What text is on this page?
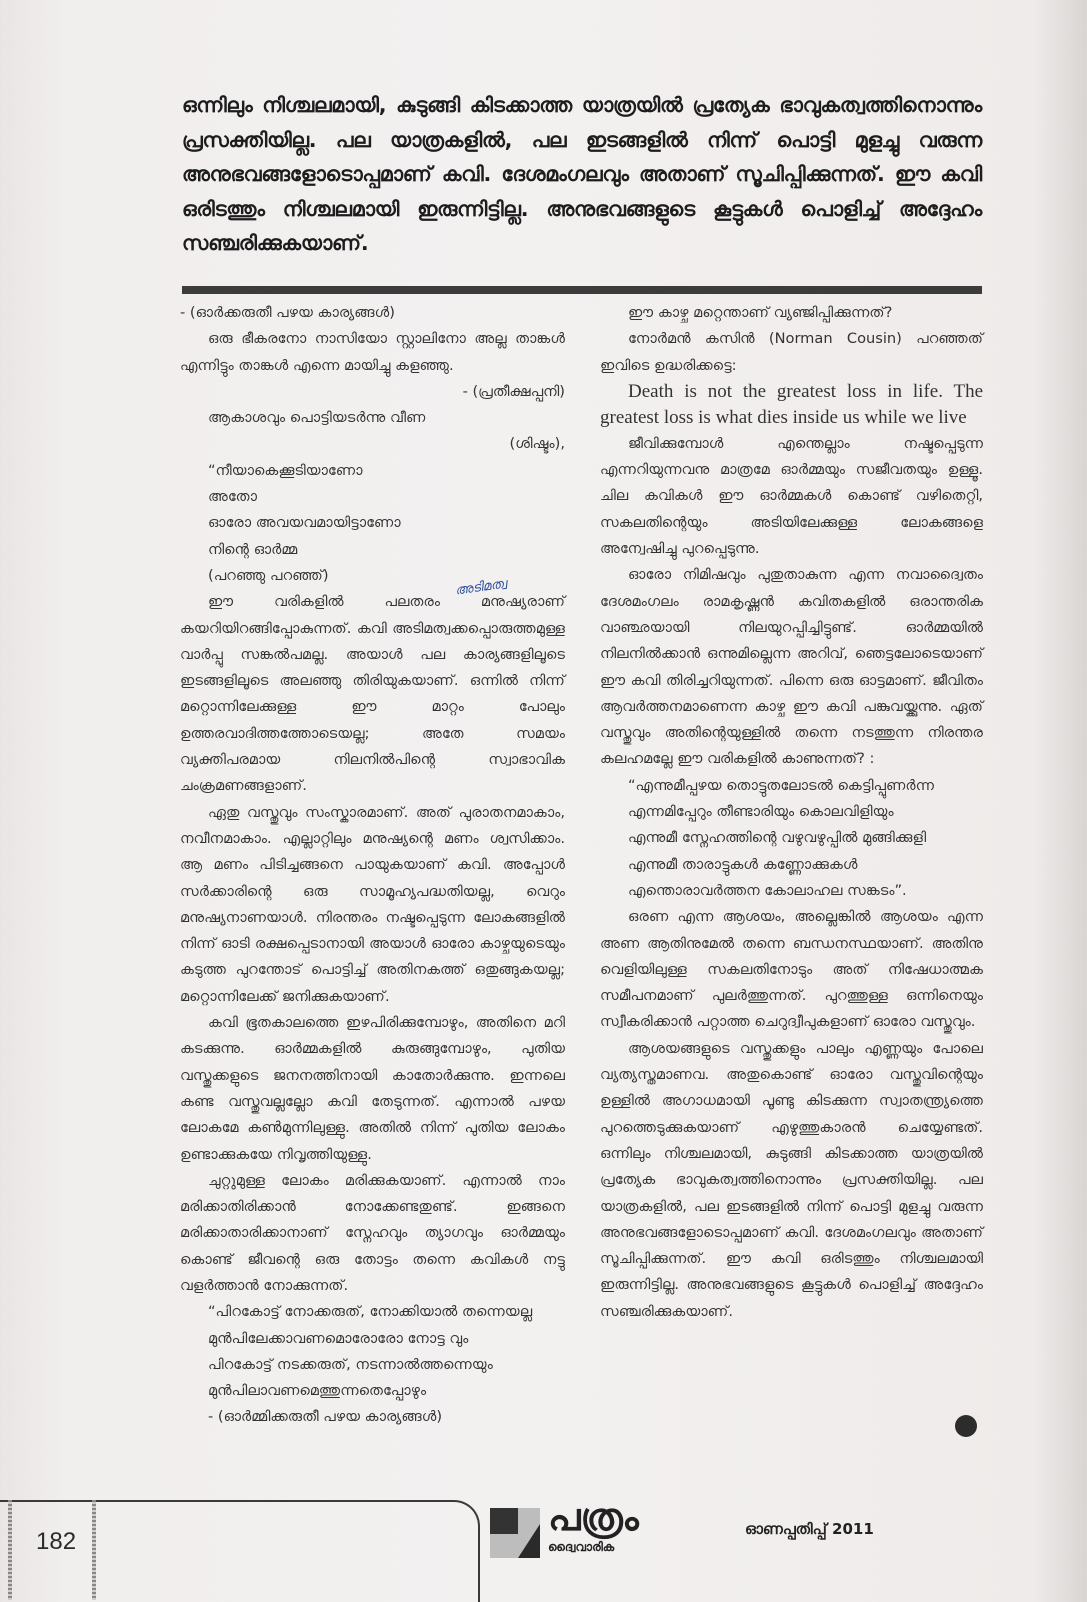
ഒന്നിലും നിശ്ചലമായി, കുടുങ്ങി കിടക്കാത്ത യാത്രയിൽ പ്രത്യേക ഭാവുകത്വത്തിനൊന്നും പ്രസക്തിയില്ല. പല യാത്രകളിൽ, പല ഇടങ്ങളിൽ നിന്ന് പൊട്ടി മുളച്ചു വരുന്ന അനുഭവങ്ങളോടൊപ്പമാണ് കവി. ദേശമംഗലവും അതാണ് സൂചിപ്പിക്കുന്നത്. ഈ കവി ഒരിടത്തും നിശ്ചലമായി ഇരുന്നിട്ടില്ല. അനുഭവങ്ങളുടെ കൂട്ടുകൾ പൊളിച്ച് അദ്ദേഹം സഞ്ചരിക്കുകയാണ്.

- (ഓർക്കരുതീ പഴയ കാര്യങ്ങൾ)

ഒരു ഭീകരനോ നാസിയോ സ്റ്റാലിനോ അല്ല താങ്കൾ എന്നിട്ടും താങ്കൾ എന്നെ മായിച്ചു കളഞ്ഞു.

- (പ്രതീക്ഷപ്പനി)

ആകാശവും പൊട്ടിയടർന്നു വീണ

(ശിഷ്ടം),

“നീയാകെക്കൂടിയാണോ

അതോ

ഓരോ അവയവമായിട്ടാണോ

നിന്റെ ഓർമ്മ

(പറഞ്ഞു പറഞ്ഞ്)

ഈ വരികളിൽ പലതരം മനുഷ്യരാണ് കയറിയിറങ്ങിപ്പോകുന്നത്. കവി അടിമത്വക്കപ്പൊരുത്തമുള്ള വാർപ്പു സങ്കൽപമല്ല. അയാൾ പല കാര്യങ്ങളിലൂടെ ഇടങ്ങളിലൂടെ അലഞ്ഞു തിരിയുകയാണ്. ഒന്നിൽ നിന്ന് മറ്റൊന്നിലേക്കുള്ള ഈ മാറ്റം പോലും ഉത്തരവാദിത്തത്തോടെയല്ല; അതേ സമയം വ്യക്തിപരമായ നിലനിൽപിന്റെ സ്വാഭാവിക ചംക്രമണങ്ങളാണ്.

ഏതു വസ്തുവും സംസ്കാരമാണ്. അത് പുരാതനമാകാം, നവീനമാകാം. എല്ലാറ്റിലും മനുഷ്യന്റെ മണം ശ്വസിക്കാം. ആ മണം പിടിച്ചങ്ങനെ പായുകയാണ് കവി. അപ്പോൾ സർക്കാരിന്റെ ഒരു സാമൂഹ്യപദ്ധതിയല്ല, വെറും മനുഷ്യനാണയാൾ. നിരന്തരം നഷ്ടപ്പെടുന്ന ലോകങ്ങളിൽ നിന്ന് ഓടി രക്ഷപ്പെടാനായി അയാൾ ഓരോ കാഴ്ചയുടെയും കടുത്ത പുറന്തോട് പൊട്ടിച്ച് അതിനകത്ത് ഒതുങ്ങുകയല്ല; മറ്റൊന്നിലേക്ക് ജനിക്കുകയാണ്.

കവി ഭൂതകാലത്തെ ഇഴപിരിക്കുമ്പോഴും, അതിനെ മറി കടക്കുന്നു. ഓർമ്മകളിൽ കുരുങ്ങുമ്പോഴും, പുതിയ വസ്തുക്കളുടെ ജനനത്തിനായി കാതോർക്കുന്നു. ഇന്നലെ കണ്ട വസ്തുവല്ലല്ലോ കവി തേടുന്നത്. എന്നാൽ പഴയ ലോകമേ കൺമുന്നിലുള്ളു. അതിൽ നിന്ന് പുതിയ ലോകം ഉണ്ടാക്കുകയേ നിവൃത്തിയുള്ളു.

ചുറ്റുമുള്ള ലോകം മരിക്കുകയാണ്. എന്നാൽ നാം മരിക്കാതിരിക്കാൻ നോക്കേണ്ടതുണ്ട്. ഇങ്ങനെ മരിക്കാതാരിക്കാനാണ് സ്നേഹവും ത്യാഗവും ഓർമ്മയും കൊണ്ട് ജീവന്റെ ഒരു തോട്ടം തന്നെ കവികൾ നട്ടു വളർത്താൻ നോക്കുന്നത്.

“പിറകോട്ട് നോക്കരുത്, നോക്കിയാൽ തന്നെയല്ല

മുൻപിലേക്കാവണമൊരോരോ നോട്ട വും

പിറകോട്ട് നടക്കരുത്, നടന്നാൽത്തന്നെയും

മുൻപിലാവണമെത്തുന്നതെപ്പോഴും

- (ഓർമ്മിക്കരുതീ പഴയ കാര്യങ്ങൾ)

അടിമത്വ

ഈ കാഴ്ച മറ്റെന്താണ് വ്യഞ്ജിപ്പിക്കുന്നത്?

നോർമൻ കസിൻ (Norman Cousin) പറഞ്ഞത് ഇവിടെ ഉദ്ധരിക്കട്ടെ:

Death is not the greatest loss in life. The greatest loss is what dies inside us while we live

ജീവിക്കുമ്പോൾ എന്തെല്ലാം നഷ്ടപ്പെടുന്ന എന്നറിയുന്നവനു മാത്രമേ ഓർമ്മയും സജീവതയും ഉള്ളൂ. ചില കവികൾ ഈ ഓർമ്മകൾ കൊണ്ട് വഴിതെറ്റി, സകലതിന്റെയും അടിയിലേക്കുള്ള ലോകങ്ങളെ അന്വേഷിച്ചു പുറപ്പെടുന്നു.

ഓരോ നിമിഷവും പുതുതാകുന്ന എന്ന നവാദ്വൈതം ദേശമംഗലം രാമകൃഷ്ണൻ കവിതകളിൽ ഒരാന്തരിക വാഞ്ഛയായി നിലയുറപ്പിച്ചിട്ടുണ്ട്. ഓർമ്മയിൽ നിലനിൽക്കാൻ ഒന്നുമില്ലെന്ന അറിവ്, ഞെട്ടലോടെയാണ് ഈ കവി തിരിച്ചറിയുന്നത്. പിന്നെ ഒരു ഓട്ടമാണ്. ജീവിതം ആവർത്തനമാണെന്ന കാഴ്ച ഈ കവി പങ്കുവയ്ക്കുന്നു. ഏത് വസ്തുവും അതിന്റെയുള്ളിൽ തന്നെ നടത്തുന്ന നിരന്തര കലഹമല്ലേ ഈ വരികളിൽ കാണുന്നത്? :

“എന്നുമീപ്പഴയ തൊട്ടുതലോടൽ കെട്ടിപ്പുണർന്ന

എന്നമിപ്പേറും തീണ്ടാരിയും കൊലവിളിയും

എന്നുമീ സ്നേഹത്തിന്റെ വഴുവഴുപ്പിൽ മുങ്ങിക്കുളി

എന്നുമീ താരാട്ടുകൾ കണ്ണോക്കുകൾ

എന്തൊരാവർത്തന കോലാഹല സങ്കടം”.

ഒരണ എന്ന ആശയം, അല്ലെങ്കിൽ ആശയം എന്ന അണ ആതിനുമേൽ തന്നെ ബന്ധനസ്ഥയാണ്. അതിനു വെളിയിലുള്ള സകലതിനോടും അത് നിഷേധാത്മക സമീപനമാണ് പുലർത്തുന്നത്. പുറത്തുള്ള ഒന്നിനെയും സ്വീകരിക്കാൻ പറ്റാത്ത ചെറുദ്വീപുകളാണ് ഓരോ വസ്തുവും.

ആശയങ്ങളുടെ വസ്തുക്കളും പാലും എണ്ണയും പോലെ വ്യത്യസ്തമാണവ. അതുകൊണ്ട് ഓരോ വസ്തുവിന്റെയും ഉള്ളിൽ അഗാധമായി പൂണ്ടു കിടക്കുന്ന സ്വാതന്ത്ര്യത്തെ പുറത്തെടുക്കുകയാണ് എഴുത്തുകാരൻ ചെയ്യേണ്ടത്. ഒന്നിലും നിശ്ചലമായി, കുടുങ്ങി കിടക്കാത്ത യാത്രയിൽ പ്രത്യേക ഭാവുകത്വത്തിനൊന്നും പ്രസക്തിയില്ല. പല യാത്രകളിൽ, പല ഇടങ്ങളിൽ നിന്ന് പൊട്ടി മുളച്ചു വരുന്ന അനുഭവങ്ങളോടൊപ്പമാണ് കവി. ദേശമംഗലവും അതാണ് സൂചിപ്പിക്കുന്നത്. ഈ കവി ഒരിടത്തും നിശ്ചലമായി ഇരുന്നിട്ടില്ല. അനുഭവങ്ങളുടെ കൂട്ടുകൾ പൊളിച്ച് അദ്ദേഹം സഞ്ചരിക്കുകയാണ്.

182
പത്രം
ദ്വൈവാരിക
ഓണപ്പതിപ്പ് 2011
